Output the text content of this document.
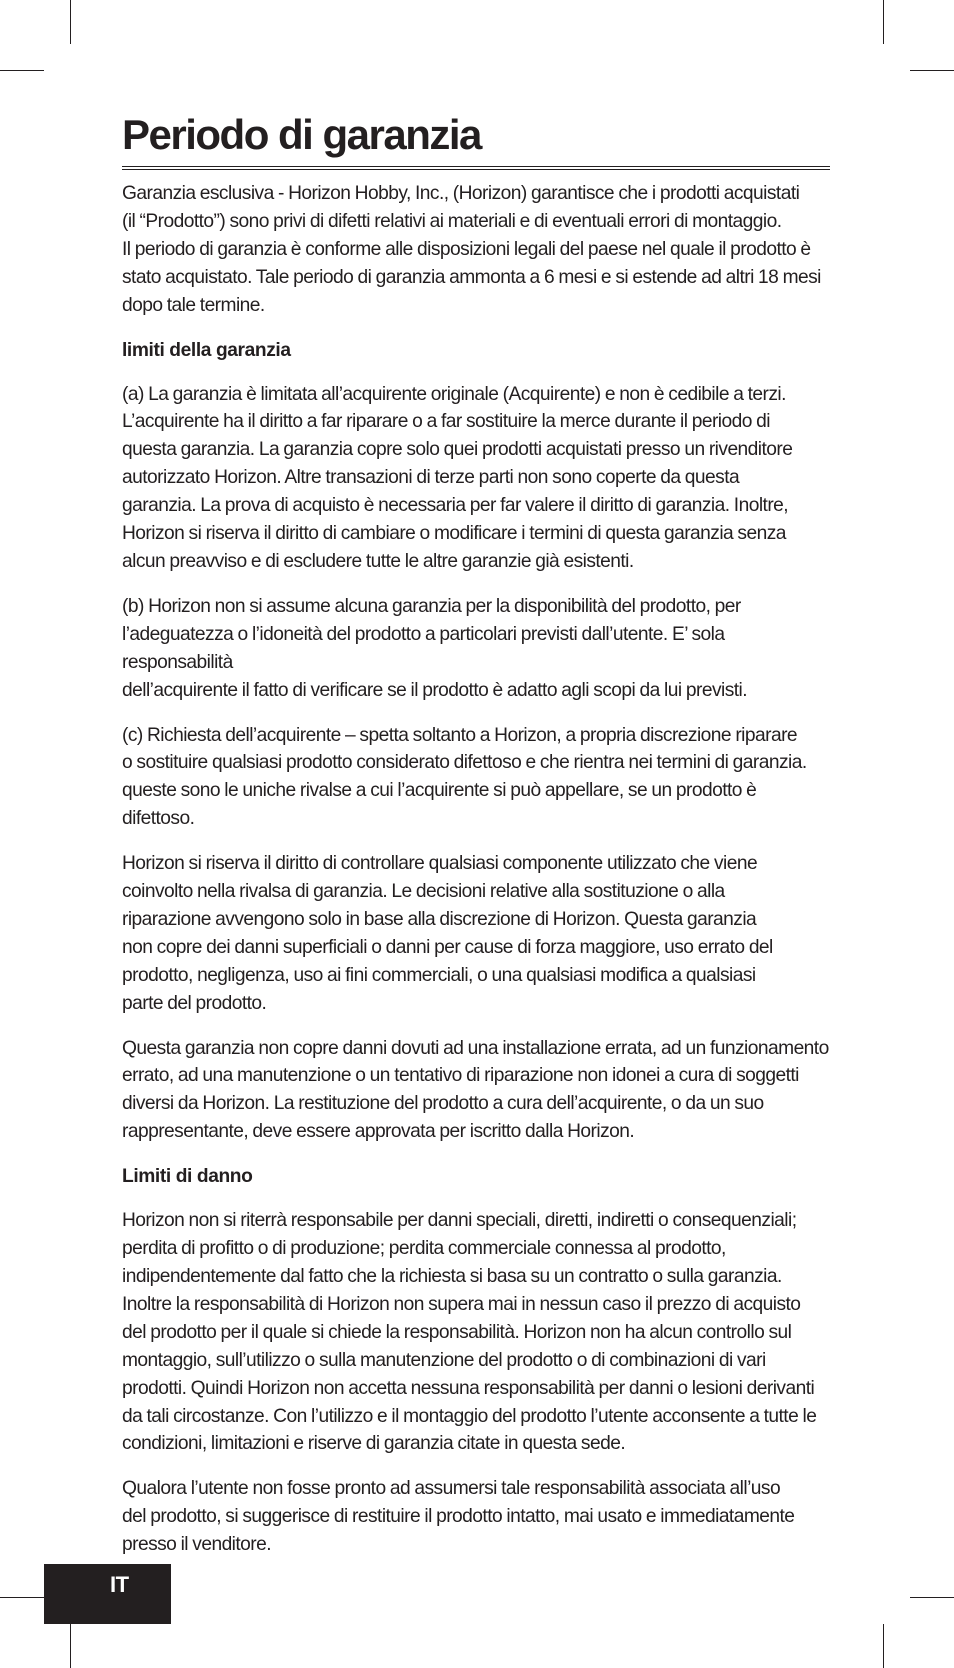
Periodo di garanzia

Garanzia esclusiva - Horizon Hobby, Inc., (Horizon) garantisce che i prodotti acquistati
(il “Prodotto”) sono privi di difetti relativi ai materiali e di eventuali errori di montaggio.
Il periodo di garanzia è conforme alle disposizioni legali del paese nel quale il prodotto è
stato acquistato. Tale periodo di garanzia ammonta a 6 mesi e si estende ad altri 18 mesi
dopo tale termine.

limiti della garanzia

(a) La garanzia è limitata all’acquirente originale (Acquirente) e non è cedibile a terzi.
L’acquirente ha il diritto a far riparare o a far sostituire la merce durante il periodo di
questa garanzia. La garanzia copre solo quei prodotti acquistati presso un rivenditore
autorizzato Horizon. Altre transazioni di terze parti non sono coperte da questa
garanzia. La prova di acquisto è necessaria per far valere il diritto di garanzia. Inoltre,
Horizon si riserva il diritto di cambiare o modificare i termini di questa garanzia senza
alcun preavviso e di escludere tutte le altre garanzie già esistenti.

(b) Horizon non si assume alcuna garanzia per la disponibilità del prodotto, per
l’adeguatezza o l’idoneità del prodotto a particolari previsti dall’utente. E’ sola responsabilità
dell’acquirente il fatto di verificare se il prodotto è adatto agli scopi da lui previsti.

(c) Richiesta dell’acquirente – spetta soltanto a Horizon, a propria discrezione riparare
o sostituire qualsiasi prodotto considerato difettoso e che rientra nei termini di garanzia.
queste sono le uniche rivalse a cui l’acquirente si può appellare, se un prodotto è difettoso.

Horizon si riserva il diritto di controllare qualsiasi componente utilizzato che viene
coinvolto nella rivalsa di garanzia. Le decisioni relative alla sostituzione o alla
riparazione avvengono solo in base alla discrezione di Horizon. Questa garanzia
non copre dei danni superficiali o danni per cause di forza maggiore, uso errato del
prodotto, negligenza, uso ai fini commerciali, o una qualsiasi modifica a qualsiasi
parte del prodotto.

Questa garanzia non copre danni dovuti ad una installazione errata, ad un funzionamento
errato, ad una manutenzione o un tentativo di riparazione non idonei a cura di soggetti
diversi da Horizon. La restituzione del prodotto a cura dell’acquirente, o da un suo
rappresentante, deve essere approvata per iscritto dalla Horizon.

Limiti di danno

Horizon non si riterrà responsabile per danni speciali, diretti, indiretti o consequenziali;
perdita di profitto o di produzione; perdita commerciale connessa al prodotto,
indipendentemente dal fatto che la richiesta si basa su un contratto o sulla garanzia.
Inoltre la responsabilità di Horizon non supera mai in nessun caso il prezzo di acquisto
del prodotto per il quale si chiede la responsabilità. Horizon non ha alcun controllo sul
montaggio, sull’utilizzo o sulla manutenzione del prodotto o di combinazioni di vari
prodotti. Quindi Horizon non accetta nessuna responsabilità per danni o lesioni derivanti
da tali circostanze. Con l’utilizzo e il montaggio del prodotto l’utente acconsente a tutte le
condizioni, limitazioni e riserve di garanzia citate in questa sede.

Qualora l’utente non fosse pronto ad assumersi tale responsabilità associata all’uso
del prodotto, si suggerisce di restituire il prodotto intatto, mai usato e immediatamente
presso il venditore.

IT
